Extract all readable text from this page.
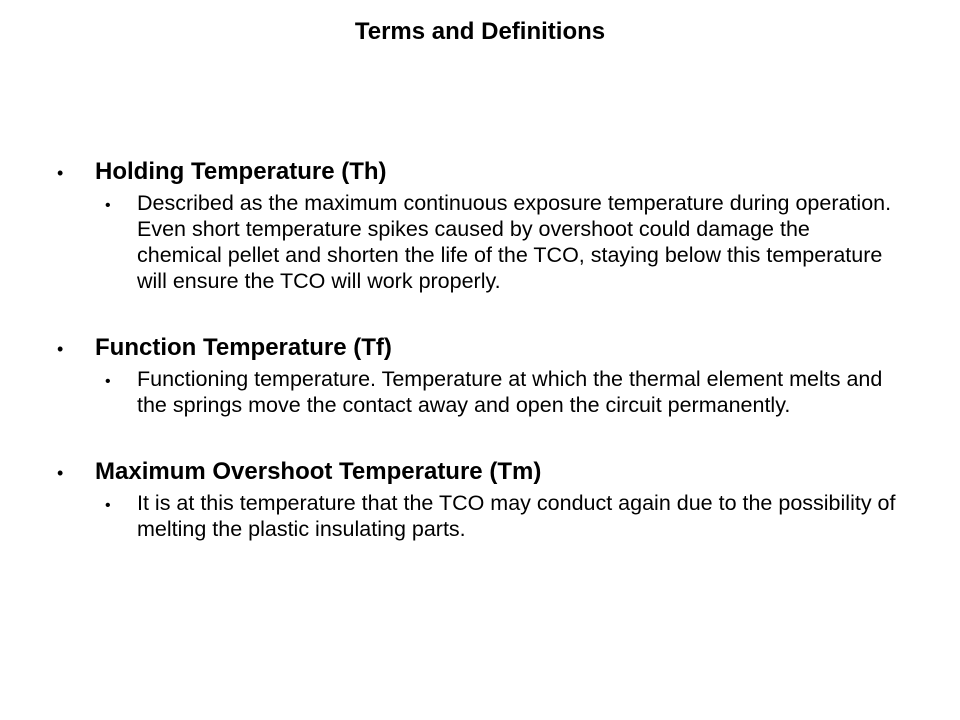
Terms and Definitions
•	Holding Temperature (Th)
•	Described as the maximum continuous exposure temperature during operation. Even short temperature spikes caused by overshoot could damage the chemical pellet and shorten the life of the TCO, staying below this temperature will ensure the TCO will work properly.
•	Function Temperature (Tf)
•	Functioning temperature. Temperature at which the thermal element melts and the springs move the contact away and open the circuit permanently.
•	Maximum Overshoot Temperature (Tm)
•	It is at this temperature that the TCO may conduct again due to the possibility of melting the plastic insulating parts.
